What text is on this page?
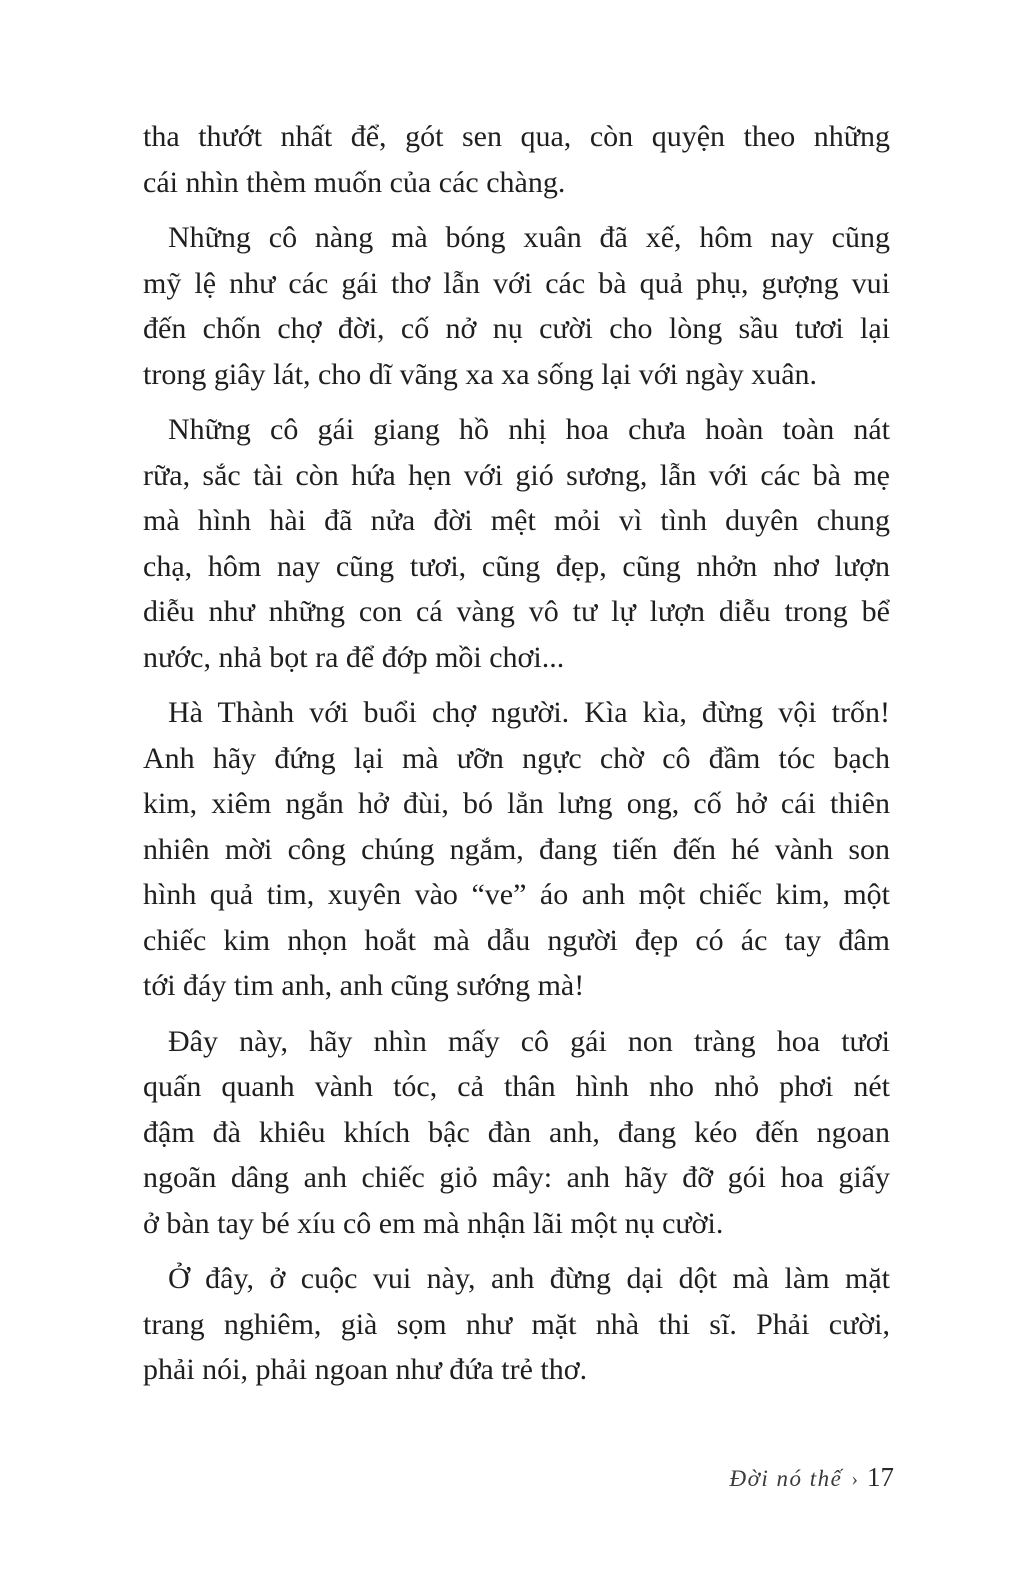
tha thướt nhất để, gót sen qua, còn quyện theo những
cái nhìn thèm muốn của các chàng.

Những cô nàng mà bóng xuân đã xế, hôm nay cũng
mỹ lệ như các gái thơ lẫn với các bà quả phụ, gượng vui
đến chốn chợ đời, cố nở nụ cười cho lòng sầu tươi lại
trong giây lát, cho dĩ vãng xa xa sống lại với ngày xuân.

Những cô gái giang hồ nhị hoa chưa hoàn toàn nát
rữa, sắc tài còn hứa hẹn với gió sương, lẫn với các bà mẹ
mà hình hài đã nửa đời mệt mỏi vì tình duyên chung
chạ, hôm nay cũng tươi, cũng đẹp, cũng nhởn nhơ lượn
diễu như những con cá vàng vô tư lự lượn diễu trong bể
nước, nhả bọt ra để đớp mồi chơi...

Hà Thành với buổi chợ người. Kìa kìa, đừng vội trốn!
Anh hãy đứng lại mà ưỡn ngực chờ cô đầm tóc bạch
kim, xiêm ngắn hở đùi, bó lẳn lưng ong, cố hở cái thiên
nhiên mời công chúng ngắm, đang tiến đến hé vành son
hình quả tim, xuyên vào “ve” áo anh một chiếc kim, một
chiếc kim nhọn hoắt mà dẫu người đẹp có ác tay đâm
tới đáy tim anh, anh cũng sướng mà!

Đây này, hãy nhìn mấy cô gái non tràng hoa tươi
quấn quanh vành tóc, cả thân hình nho nhỏ phơi nét
đậm đà khiêu khích bậc đàn anh, đang kéo đến ngoan
ngoãn dâng anh chiếc giỏ mây: anh hãy đỡ gói hoa giấy
ở bàn tay bé xíu cô em mà nhận lãi một nụ cười.

Ở đây, ở cuộc vui này, anh đừng dại dột mà làm mặt
trang nghiêm, già sọm như mặt nhà thi sĩ. Phải cười,
phải nói, phải ngoan như đứa trẻ thơ.

Đời nó thế › 17
